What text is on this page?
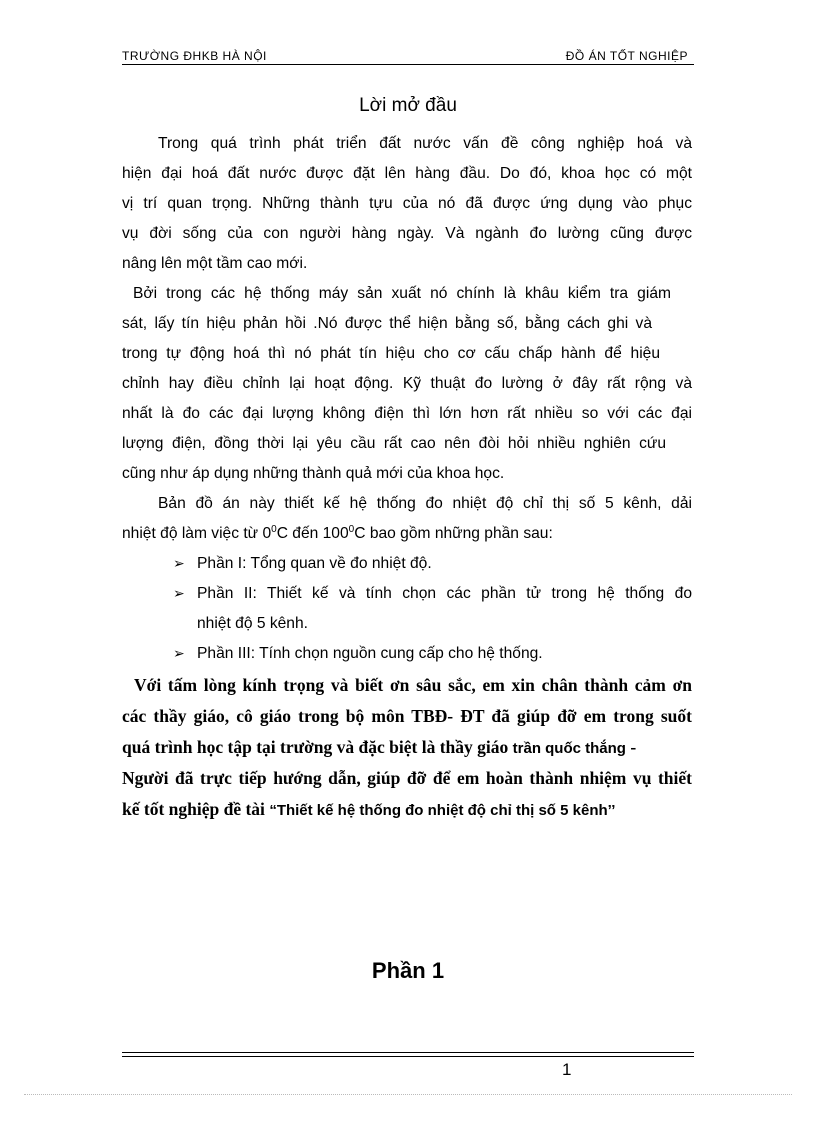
TRƯỜNG ĐHKB HÀ NỘI	ĐỒ ÁN TỐT NGHIỆP
Lời mở đầu
Trong quá trình phát triển đất nước vấn đề công nghiệp hoá và
hiện đại hoá đất nước được đặt lên hàng đầu. Do đó, khoa học có một
vị trí quan trọng. Những thành tựu của nó đã được ứng dụng vào phục
vụ đời sống của con người hàng ngày. Và ngành đo lường cũng được
nâng lên một tầm cao mới.
Bởi trong các hệ thống máy sản xuất nó chính là khâu kiểm tra giám
sát, lấy tín hiệu phản hồi .Nó được thể hiện bằng số, bằng cách ghi và
trong tự động hoá thì nó phát tín hiệu cho cơ cấu chấp hành để hiệu
chỉnh hay điều chỉnh lại hoạt động. Kỹ thuật đo lường ở đây rất rộng và
nhất là đo các đại lượng không điện thì lớn hơn rất nhiều so với các đại
lượng điện, đồng thời lại yêu cầu rất cao nên đòi hỏi nhiều nghiên cứu
cũng như áp dụng những thành quả mới của khoa học.
Bản đồ án này thiết kế hệ thống đo nhiệt độ chỉ thị số 5 kênh, dải
nhiệt độ làm việc từ $0^0C$ đến $100^0C$ bao gồm những phần sau:
➢ Phần I: Tổng quan về đo nhiệt độ.
➢ Phần II: Thiết kế và tính chọn các phần tử trong hệ thống đo
nhiệt độ 5 kênh.
➢ Phần III: Tính chọn nguồn cung cấp cho hệ thống.
Với tấm lòng kính trọng và biết ơn sâu sắc, em xin chân thành cảm ơn
các thầy giáo, cô giáo trong bộ môn TBĐ- ĐT đã giúp đỡ em trong suốt
quá trình học tập tại trường và đặc biệt là thầy giáo trần quốc thắng -
Người đã trực tiếp hướng dẫn, giúp đỡ để em hoàn thành nhiệm vụ thiết
kế tốt nghiệp đề tài “Thiết kế hệ thống đo nhiệt độ chỉ thị số 5 kênh’’
Phần 1
1
